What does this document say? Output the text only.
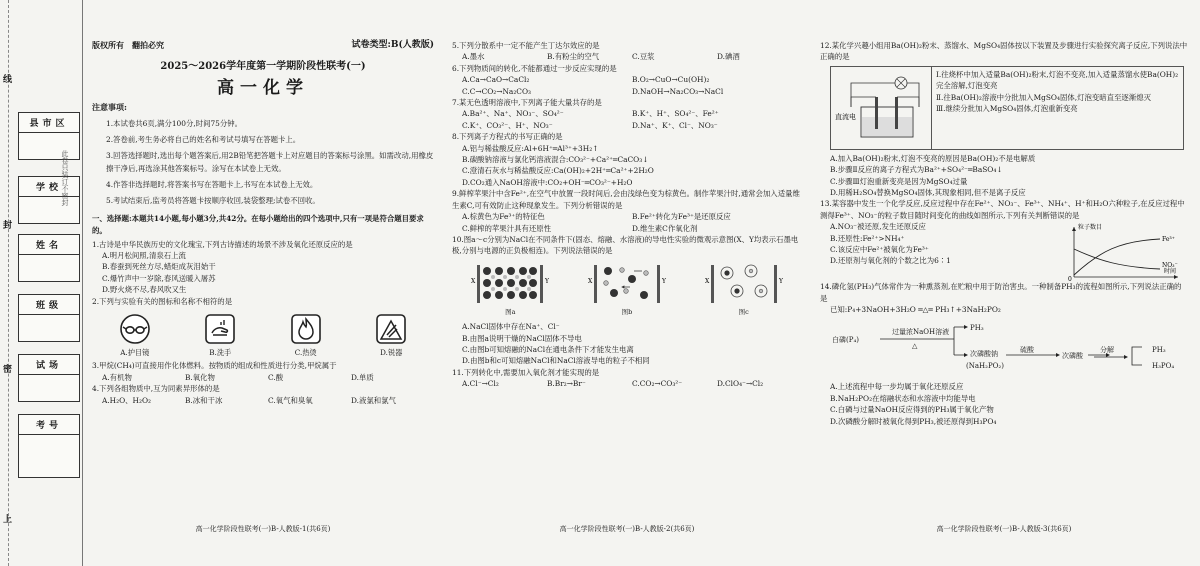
线
封
密
上
县市区
学校
姓名
班级
试场
考号
版权所有　翻拍必究	试卷类型:B(人教版)
2025～2026学年度第一学期阶段性联考(一)
高一化学
注意事项:

1.本试卷共6页,满分100分,时间75分钟。

2.答卷前,考生务必将自己的姓名和考试号填写在答题卡上。

3.回答选择题时,选出每个题答案后,用2B铅笔把答题卡上对应题目的答案标号涂黑。如需改动,用橡皮擦干净后,再选涂其他答案标号。涂写在本试卷上无效。

4.作答非选择题时,将答案书写在答题卡上,书写在本试卷上无效。

5.考试结束后,监考员将答题卡按顺序收回,装袋整理;试卷不回收。

一、选择题:本题共14小题,每小题3分,共42分。在每小题给出的四个选项中,只有一项是符合题目要求的。

1.古诗是中华民族历史的文化瑰宝,下列古诗描述的场景不涉及氧化还原反应的是

A.明月松间照,清泉石上流

B.春蚕到死丝方尽,蜡炬成灰泪始干

C.爆竹声中一岁除,春风送暖入屠苏

D.野火烧不尽,春风吹又生

2.下列与实验有关的图标和名称不相符的是

A.护目镜	B.洗手	C.热烫	D.锐器

3.甲烷(CH₄)可直接用作化体燃料。按物质的组成和性质进行分类,甲烷属于

A.有机物	B.氧化物	C.酸	D.单质

4.下列各组物质中,互为同素异形体的是

A.H₂O、H₂O₂	B.冰和干冰	C.氧气和臭氧	D.液氯和氯气

高一化学阶段性联考(一)B-人教版-1(共6页)

5.下列分散系中一定不能产生丁达尔效应的是

A.墨水	B.有粉尘的空气	C.豆浆	D.碘酒

6.下列物质间的转化,不能都通过一步反应实现的是

A.Ca→CaO→CaCl₂	B.O₂→CuO→Cu(OH)₂

C.C→CO₂→Na₂CO₃	D.NaOH→Na₂CO₃→NaCl

7.某无色透明溶液中,下列离子能大量共存的是

A.Ba²⁺、Na⁺、NO₃⁻、SO₄²⁻	B.K⁺、H⁺、SO₄²⁻、Fe²⁺

C.K⁺、CO₃²⁻、H⁺、NO₃⁻	D.Na⁺、K⁺、Cl⁻、NO₃⁻

8.下列离子方程式的书写正确的是

A.铝与稀盐酸反应:Al+6H⁺═Al³⁺+3H₂↑

B.碳酸钠溶液与氯化钙溶液混合:CO₃²⁻+Ca²⁺═CaCO₃↓

C.澄清石灰水与稀盐酸反应:Ca(OH)₂+2H⁺═Ca²⁺+2H₂O

D.CO₂通入NaOH溶液中:CO₂+OH⁻═CO₃²⁻+H₂O

9.鲜榨苹果汁中含Fe²⁺,在空气中放置一段时间后,会由浅绿色变为棕黄色。制作苹果汁时,通常会加入适量维生素C,可有效防止这种现象发生。下列分析错误的是

A.棕黄色为Fe³⁺的特征色	B.Fe²⁺转化为Fe³⁺是还原反应

C.鲜榨的苹果汁具有还原性	D.维生素C作氧化剂

10.图a～c分别为NaCl在不同条件下(固态、熔融、水溶液)的导电性实验的微观示意图(X、Y均表示石墨电极,分别与电源的正负极相连)。下列说法错误的是

X	Y
图a
X	Y
图b
X	Y
图c

A.NaCl固体中存在Na⁺、Cl⁻

B.由图a说明干燥的NaCl固体不导电

C.由图b可知熔融的NaCl在通电条件下才能发生电离

D.由图b和c可知熔融NaCl和NaCl溶液导电的粒子不相同

11.下列转化中,需要加入氧化剂才能实现的是

A.Cl⁻→Cl₂	B.Br₂→Br⁻	C.CO₂→CO₃²⁻	D.ClO₄⁻→Cl₂

高一化学阶段性联考(一)B-人教版-2(共6页)

12.某化学兴趣小组用Ba(OH)₂粉末、蒸馏水、MgSO₄固体按以下装置及步骤进行实验探究离子反应,下列说法中正确的是

直流电

Ⅰ.往烧杯中加入适量Ba(OH)₂粉末,灯泡不变亮,加入适量蒸馏水使Ba(OH)₂完全溶解,灯泡变亮

Ⅱ.往Ba(OH)₂溶液中分批加入MgSO₄固体,灯泡变暗直至逐渐熄灭

Ⅲ.继续分批加入MgSO₄固体,灯泡重新变亮

A.加入Ba(OH)₂粉末,灯泡不变亮的原因是Ba(OH)₂不是电解质

B.步骤Ⅱ反应的离子方程式为Ba²⁺+SO₄²⁻═BaSO₄↓

C.步骤Ⅲ灯泡重新变亮是因为MgSO₄过量

D.用稀H₂SO₄替换MgSO₄固体,其现象相同,但不是离子反应

13.某容器中发生一个化学反应,反应过程中存在Fe²⁺、NO₃⁻、Fe³⁺、NH₄⁺、H⁺和H₂O六种粒子,在反应过程中测得Fe³⁺、NO₃⁻的粒子数目随时间变化的曲线如图所示,下列有关判断错误的是

A.NO₃⁻被还原,发生还原反应

B.还原性:Fe²⁺>NH₄⁺

C.该反应中Fe²⁺被氧化为Fe³⁺

D.还原剂与氧化剂的个数之比为6∶1

粒子数目
时间
0
Fe³⁺
NO₃⁻

14.磷化氢(PH₃)气体常作为一种熏蒸剂,在贮粮中用于防治害虫。一种制备PH₃的流程如图所示,下列说法正确的是

已知:P₄+3NaOH+3H₂O ═△═ PH₃↑+3NaH₂PO₂

白磷(P₄)
过量浓NaOH溶液
△
PH₃
次磷酸钠
(NaH₂PO₂)
硫酸
次磷酸
分解	PH₃
H₃PO₄

A.上述流程中每一步均属于氧化还原反应

B.NaH₂PO₂在熔融状态和水溶液中均能导电

C.白磷与过量NaOH反应得到的PH₃属于氧化产物

D.次磷酸分解时被氧化得到PH₃,被还原得到H₃PO₄

高一化学阶段性联考(一)B-人教版-3(共6页)
此卷只装订不密封
